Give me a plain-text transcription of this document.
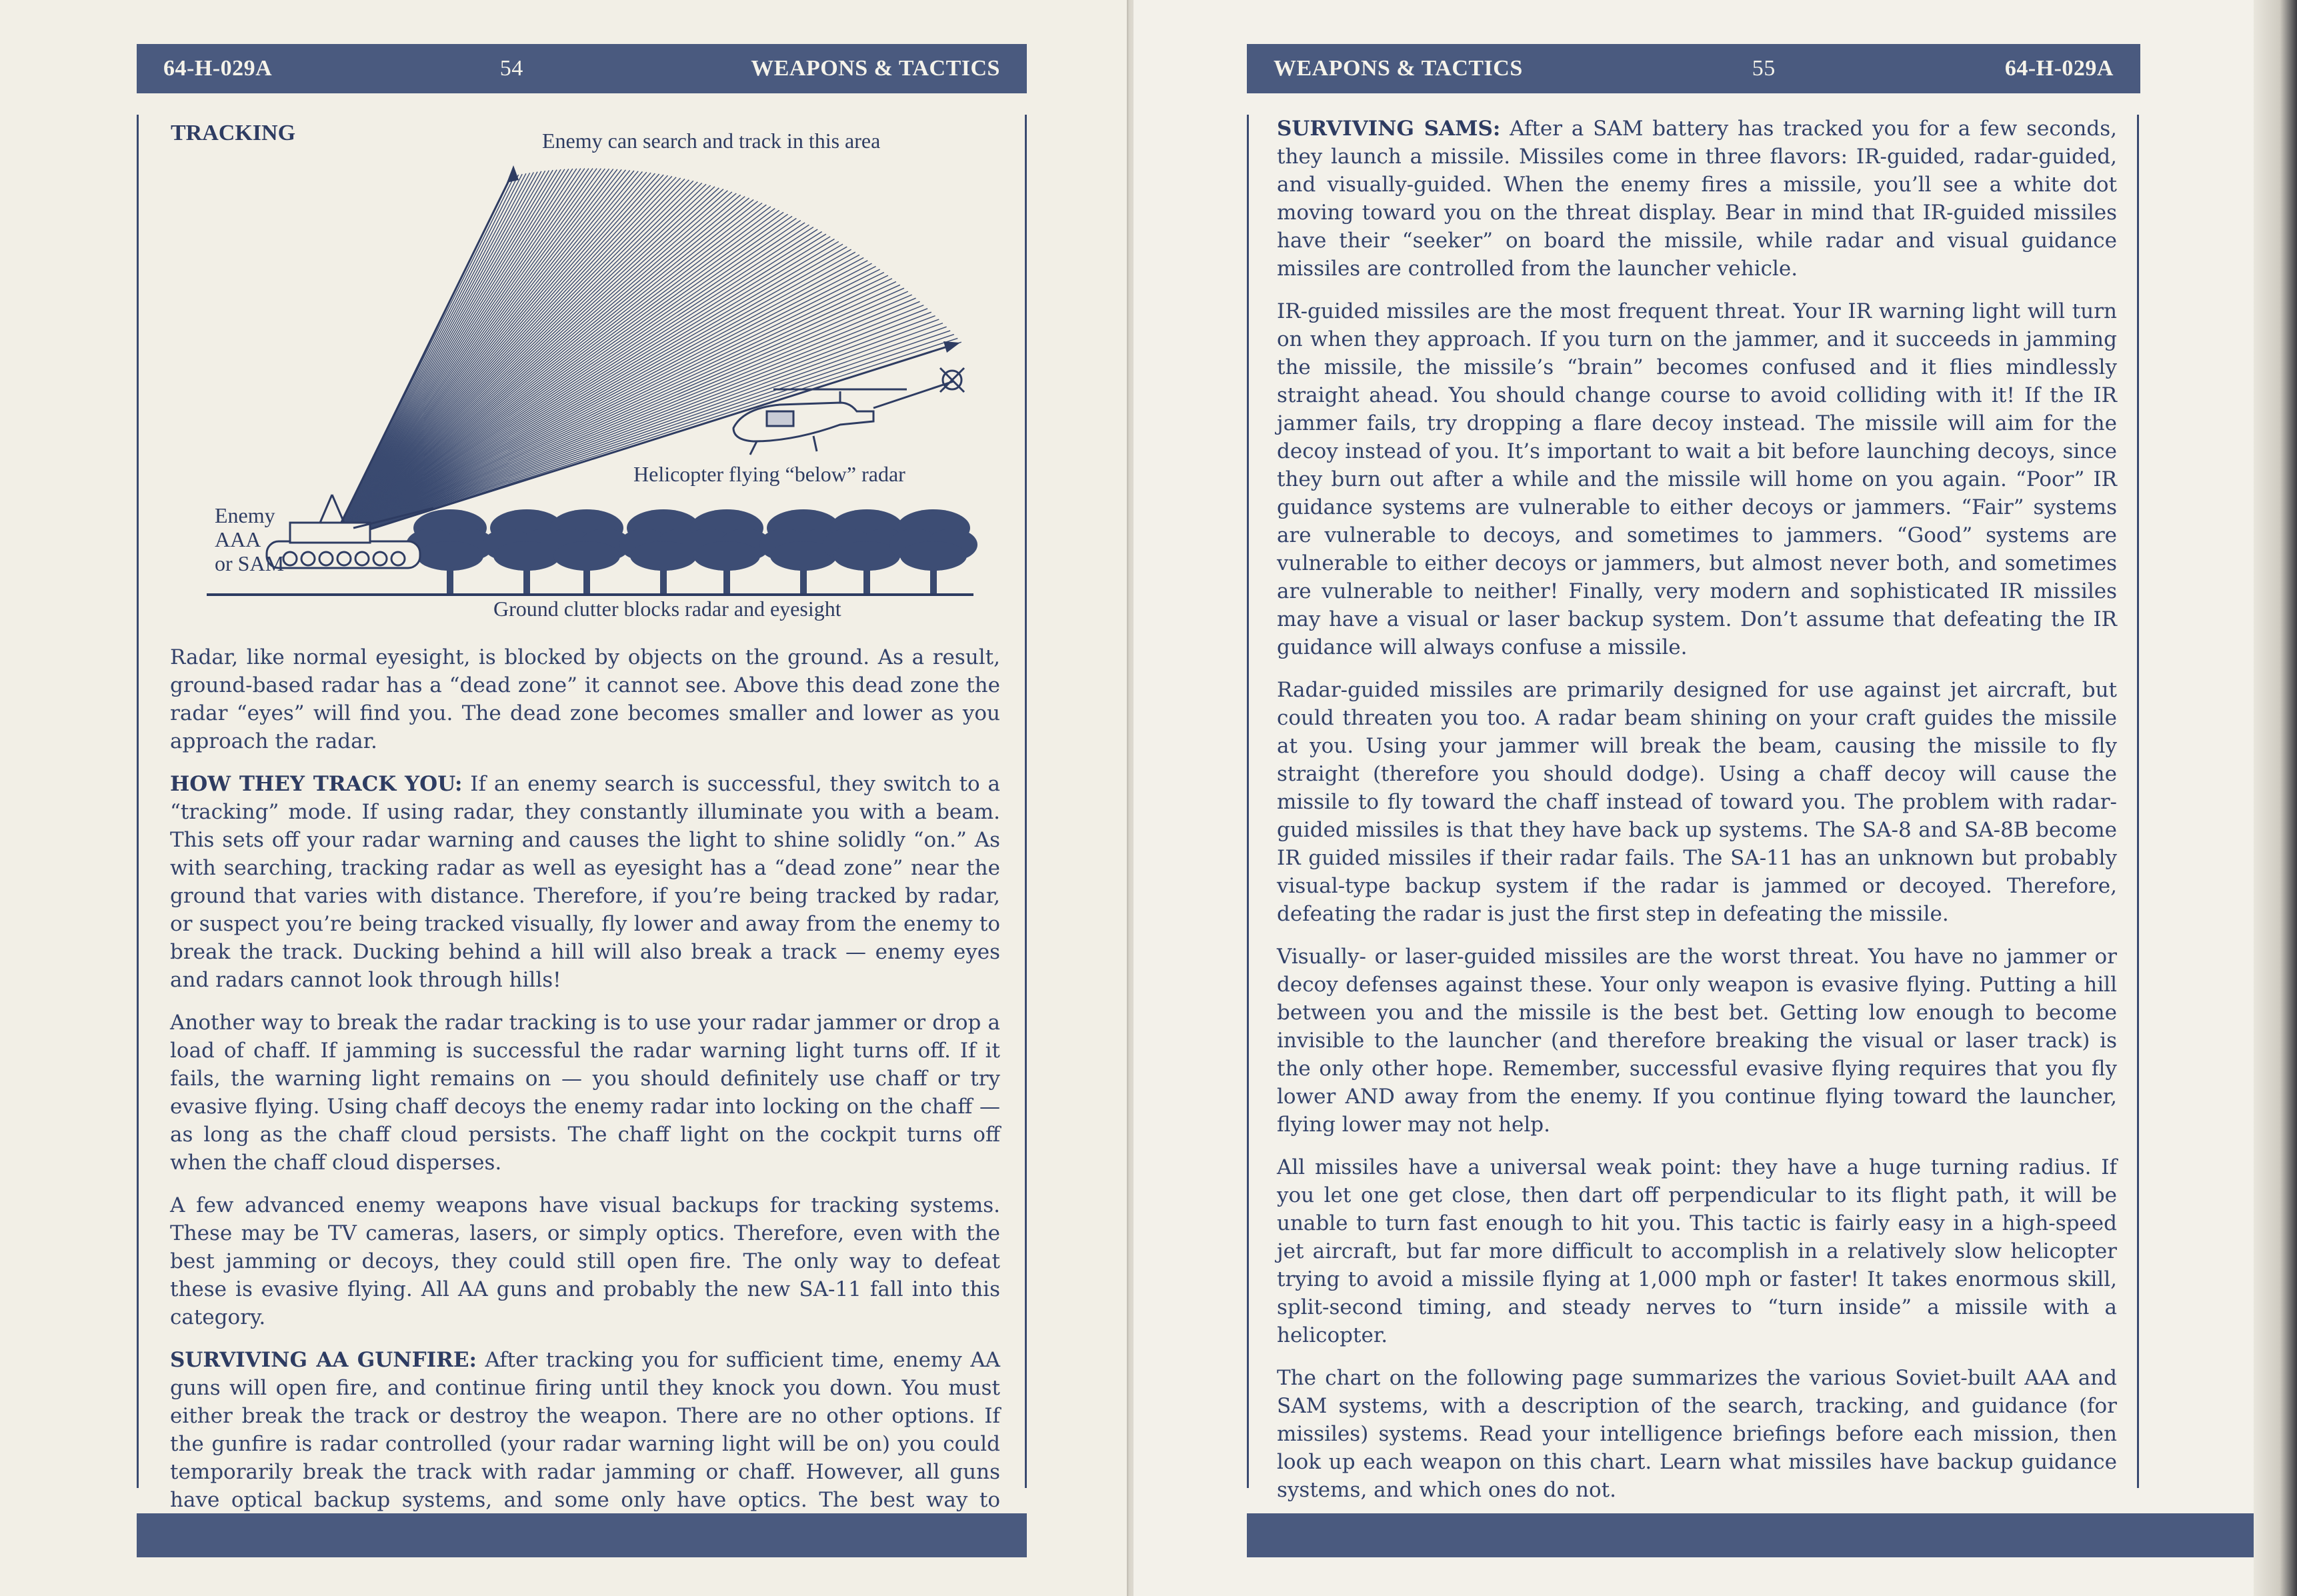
64-H-029A	54	WEAPONS & TACTICS
TRACKING	Enemy can search and track in this area
Helicopter flying “below” radar
Enemy
AAA
or SAM
Ground clutter blocks radar and eyesight

Radar, like normal eyesight, is blocked by objects on the ground. As a result, ground-based radar has a “dead zone” it cannot see. Above this dead zone the radar “eyes” will find you. The dead zone becomes smaller and lower as you approach the radar.

HOW THEY TRACK YOU: If an enemy search is successful, they switch to a “tracking” mode. If using radar, they constantly illuminate you with a beam. This sets off your radar warning and causes the light to shine solidly “on.” As with searching, tracking radar as well as eyesight has a “dead zone” near the ground that varies with distance. Therefore, if you’re being tracked by radar, or suspect you’re being tracked visually, fly lower and away from the enemy to break the track. Ducking behind a hill will also break a track — enemy eyes and radars cannot look through hills!

Another way to break the radar tracking is to use your radar jammer or drop a load of chaff. If jamming is successful the radar warning light turns off. If it fails, the warning light remains on — you should definitely use chaff or try evasive flying. Using chaff decoys the enemy radar into locking on the chaff — as long as the chaff cloud persists. The chaff light on the cockpit turns off when the chaff cloud disperses.

A few advanced enemy weapons have visual backups for tracking systems. These may be TV cameras, lasers, or simply optics. Therefore, even with the best jamming or decoys, they could still open fire. The only way to defeat these is evasive flying. All AA guns and probably the new SA-11 fall into this category.

SURVIVING AA GUNFIRE: After tracking you for sufficient time, enemy AA guns will open fire, and continue firing until they knock you down. You must either break the track or destroy the weapon. There are no other options. If the gunfire is radar controlled (your radar warning light will be on) you could temporarily break the track with radar jamming or chaff. However, all guns have optical backup systems, and some only have optics. The best way to

WEAPONS & TACTICS	55	64-H-029A

SURVIVING SAMS: After a SAM battery has tracked you for a few seconds, they launch a missile. Missiles come in three flavors: IR-guided, radar-guided, and visually-guided. When the enemy fires a missile, you’ll see a white dot moving toward you on the threat display. Bear in mind that IR-guided missiles have their “seeker” on board the missile, while radar and visual guidance missiles are controlled from the launcher vehicle.

IR-guided missiles are the most frequent threat. Your IR warning light will turn on when they approach. If you turn on the jammer, and it succeeds in jamming the missile, the missile’s “brain” becomes confused and it flies mindlessly straight ahead. You should change course to avoid colliding with it! If the IR jammer fails, try dropping a flare decoy instead. The missile will aim for the decoy instead of you. It’s important to wait a bit before launching decoys, since they burn out after a while and the missile will home on you again. “Poor” IR guidance systems are vulnerable to either decoys or jammers. “Fair” systems are vulnerable to decoys, and sometimes to jammers. “Good” systems are vulnerable to either decoys or jammers, but almost never both, and sometimes are vulnerable to neither! Finally, very modern and sophisticated IR missiles may have a visual or laser backup system. Don’t assume that defeating the IR guidance will always confuse a missile.

Radar-guided missiles are primarily designed for use against jet aircraft, but could threaten you too. A radar beam shining on your craft guides the missile at you. Using your jammer will break the beam, causing the missile to fly straight (therefore you should dodge). Using a chaff decoy will cause the missile to fly toward the chaff instead of toward you. The problem with radar-guided missiles is that they have back up systems. The SA-8 and SA-8B become IR guided missiles if their radar fails. The SA-11 has an unknown but probably visual-type backup system if the radar is jammed or decoyed. Therefore, defeating the radar is just the first step in defeating the missile.

Visually- or laser-guided missiles are the worst threat. You have no jammer or decoy defenses against these. Your only weapon is evasive flying. Putting a hill between you and the missile is the best bet. Getting low enough to become invisible to the launcher (and therefore breaking the visual or laser track) is the only other hope. Remember, successful evasive flying requires that you fly lower AND away from the enemy. If you continue flying toward the launcher, flying lower may not help.

All missiles have a universal weak point: they have a huge turning radius. If you let one get close, then dart off perpendicular to its flight path, it will be unable to turn fast enough to hit you. This tactic is fairly easy in a high-speed jet aircraft, but far more difficult to accomplish in a relatively slow helicopter trying to avoid a missile flying at 1,000 mph or faster! It takes enormous skill, split-second timing, and steady nerves to “turn inside” a missile with a helicopter.

The chart on the following page summarizes the various Soviet-built AAA and SAM systems, with a description of the search, tracking, and guidance (for missiles) systems. Read your intelligence briefings before each mission, then look up each weapon on this chart. Learn what missiles have backup guidance systems, and which ones do not.
